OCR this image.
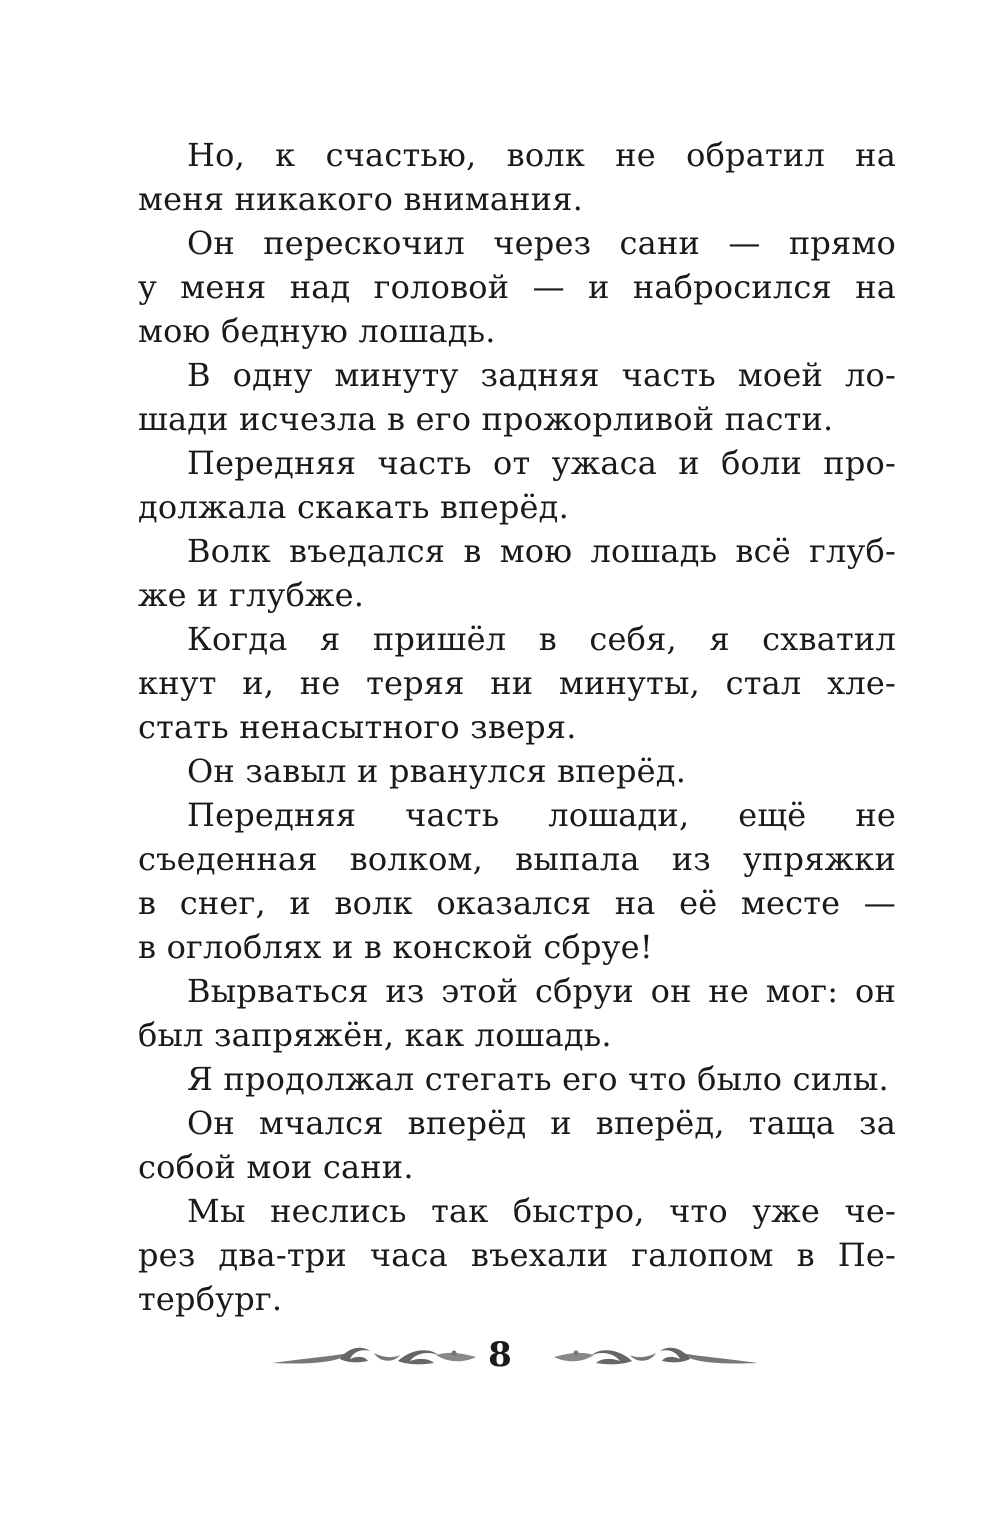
Но, к счастью, волк не обратил на
меня никакого внимания.

Он перескочил через сани — прямо
у меня над головой — и набросился на
мою бедную лошадь.

В одну минуту задняя часть моей ло-
шади исчезла в его прожорливой пасти.

Передняя часть от ужаса и боли про-
должала скакать вперёд.

Волк въедался в мою лошадь всё глуб-
же и глубже.

Когда я пришёл в себя, я схватил
кнут и, не теряя ни минуты, стал хле-
стать ненасытного зверя.

Он завыл и рванулся вперёд.

Передняя часть лошади, ещё не
съеденная волком, выпала из упряжки
в снег, и волк оказался на её месте —
в оглоблях и в конской сбруе!

Вырваться из этой сбруи он не мог: он
был запряжён, как лошадь.

Я продолжал стегать его что было силы.

Он мчался вперёд и вперёд, таща за
собой мои сани.

Мы неслись так быстро, что уже че-
рез два-три часа въехали галопом в Пе-
тербург.

8
